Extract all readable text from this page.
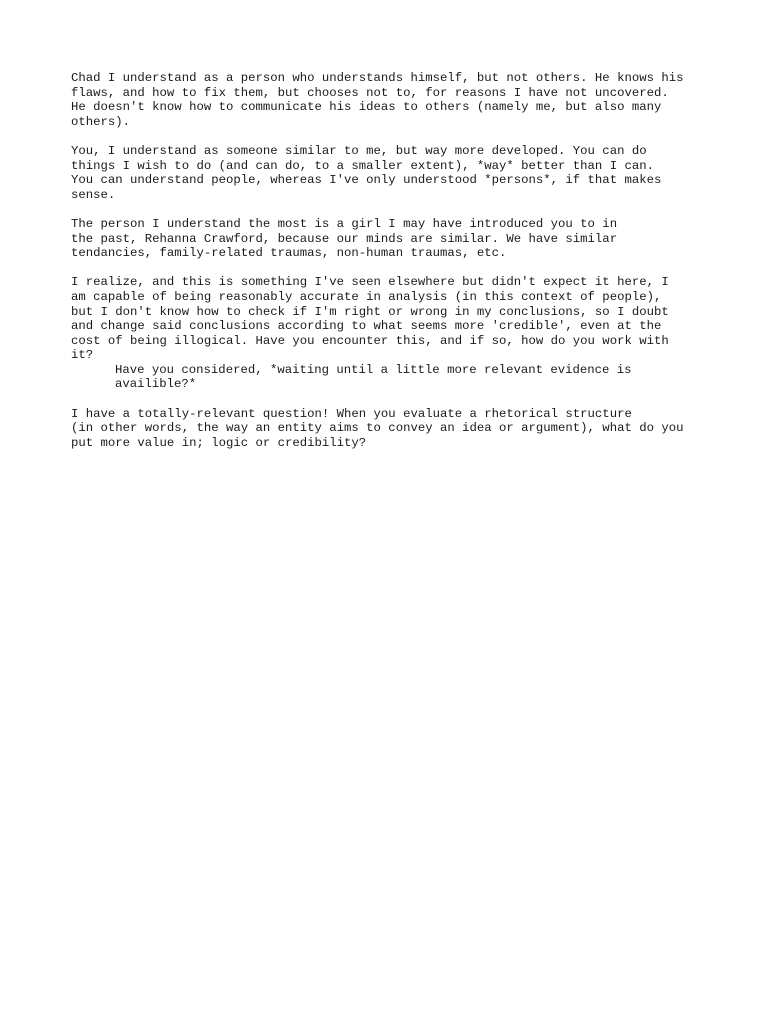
Chad I understand as a person who understands himself, but not others. He knows his
flaws, and how to fix them, but chooses not to, for reasons I have not uncovered.
He doesn't know how to communicate his ideas to others (namely me, but also many
others).

You, I understand as someone similar to me, but way more developed. You can do
things I wish to do (and can do, to a smaller extent), *way* better than I can.
You can understand people, whereas I've only understood *persons*, if that makes
sense.

The person I understand the most is a girl I may have introduced you to in
the past, Rehanna Crawford, because our minds are similar. We have similar
tendancies, family-related traumas, non-human traumas, etc.

I realize, and this is something I've seen elsewhere but didn't expect it here, I
am capable of being reasonably accurate in analysis (in this context of people),
but I don't know how to check if I'm right or wrong in my conclusions, so I doubt
and change said conclusions according to what seems more 'credible', even at the
cost of being illogical. Have you encounter this, and if so, how do you work with
it?

Have you considered, *waiting until a little more relevant evidence is
availible?*

I have a totally-relevant question! When you evaluate a rhetorical structure
(in other words, the way an entity aims to convey an idea or argument), what do you
put more value in; logic or credibility?
